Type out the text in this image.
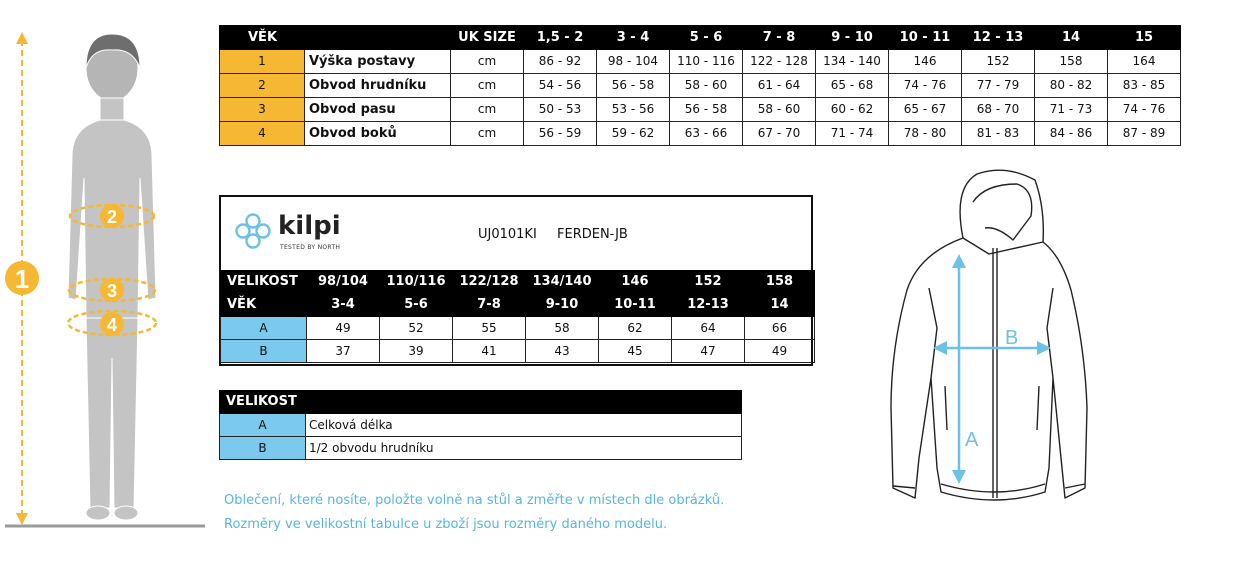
1
2
3
4
VĚK		UK SIZE	1,5 - 2	3 - 4	5 - 6	7 - 8	9 - 10	10 - 11	12 - 13	14	15
1	Výška postavy	cm	86 - 92	98 - 104	110 - 116	122 - 128	134 - 140	146	152	158	164
2	Obvod hrudníku	cm	54 - 56	56 - 58	58 - 60	61 - 64	65 - 68	74 - 76	77 - 79	80 - 82	83 - 85
3	Obvod pasu	cm	50 - 53	53 - 56	56 - 58	58 - 60	60 - 62	65 - 67	68 - 70	71 - 73	74 - 76
4	Obvod boků	cm	56 - 59	59 - 62	63 - 66	67 - 70	71 - 74	78 - 80	81 - 83	84 - 86	87 - 89
kilpi
TESTED BY NORTH
UJ0101KI FERDEN-JB
VELIKOST	98/104	110/116	122/128	134/140	146	152	158
VĚK	3-4	5-6	7-8	9-10	10-11	12-13	14
A	49	52	55	58	62	64	66
B	37	39	41	43	45	47	49
VELIKOST	
A	Celková délka
B	1/2 obvodu hrudníku
Oblečení, které nosíte, položte volně na stůl a změřte v místech dle obrázků.
Rozměry ve velikostní tabulce u zboží jsou rozměry daného modelu.
A
B
